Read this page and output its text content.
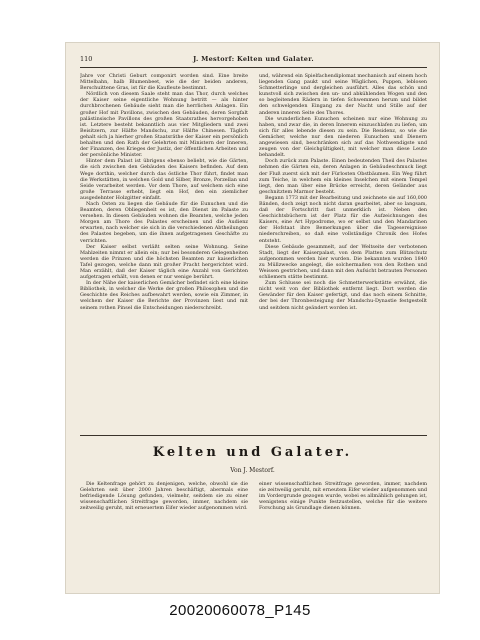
110	J. Mestorf: Kelten und Galater.

Jahre vor Christi Geburt componirt worden sind. Eine breite Mittelbahn, halb Blumenbeet, wie die der beiden anderen, Berschuittene Gras, ist für die Kaufleute bestimmt.

Nördlich von diesem Saale steht man das Thor, durch welches der Kaiser seine eigentliche Wohnung betritt — als hinter durchbrochenen Gebäude sieht man die herrlichen Anlagen. Ein großer Hof mit Pavillons, zwischen den Gebäuden, deren Sorgfalt palästinsische Pavillons des großen Staatsrathes hervorgehoben ist. Letztere besteht bekanntlich aus vier Mitgliedern und zwei Beisitzern, zur Hälfte Mandschu, zur Hälfte Chinesen. Täglich gehalt sich ja hierher großen Staatsräthe der Kaiser ein persönlich behalten und den Rath der Gelehrten mit Ministern der Inneren, der Finanzen, des Krieges der Justiz, der öffentlichen Arbeiten und der persönliche Minister.

Hinter dem Palast ist übrigens ebenso beliebt, wie die Gärten, die sich zwischen den Gebäuden des Kaisers befinden. Auf dem Wege dorthin, welcher durch das östliche Thor führt, findet man die Werkstätten, in welchen Gold und Silber, Bronze, Porzellan und Seide verarbeitet werden. Vor dem Thore, auf welchem sich eine große Terrasse erhebt, liegt ein Hof, den ein ziemlicher ausgedehnter Holzgitter einfaßt.

Nach Osten zu liegen die Gebäude für die Eunuchen und die Beamten, deren Obliegenheit es ist, den Dienst im Palaste zu versehen. In diesen Gebäuden wohnen die Beamten, welche jeden Morgen am Thore des Palastes erscheinen und die Audienz erwarten, nach welcher sie sich in die verschiedenen Abtheilungen des Palastes begeben, um die ihnen aufgetragenen Geschäfte zu verrichten.

Der Kaiser selbst verläßt selten seine Wohnung. Seine Mahlzeiten nimmt er allein ein; nur bei besonderen Gelegenheiten werden die Prinzen und die höchsten Beamten zur kaiserlichen Tafel gezogen, welche dann mit großer Pracht hergerichtet wird. Man erzählt, daß der Kaiser täglich eine Anzahl von Gerichten aufgetragen erhält, von denen er nur wenige berührt.

In der Nähe der kaiserlichen Gemächer befindet sich eine kleine Bibliothek, in welcher die Werke der großen Philosophen und die Geschichte des Reiches aufbewahrt werden, sowie ein Zimmer, in welchem der Kaiser die Berichte der Provinzen liest und mit seinem rothen Pinsel die Entscheidungen niederschreibt.

und, während ein Spielfachendiplomat mechanisch auf einem hoch liegenden Gang paukt und seine Wäglichen, Puppen, leblosen Schmetterlinge und dergleichen ausführt. Alles das schön und kunstvoll sich zwischen den un- und abkühlenden Wogen und den so begleitenden Rädern in tiefen Schwemmen herum und bildet den schwelgenden Eingang zu der Nacht und Stille auf der anderen inneren Seite des Thores.

Die wunderlichen Eunuchen scheinen nur eine Wohnung zu haben, und zwar die, in deren Innerem einzuschlafen zu liefen, um sich für alles lebende diesen zu sein. Die Residenz, so wie die Gemächer, welche nur den niederen Eunuchen und Dienern angewiesen sind, beschränken sich auf das Nothwendigste und zeugen von der Gleichgültigkeit, mit welcher man diese Leute behandelt.

Doch zurück zum Palaste. Einen bedeutenden Theil des Palastes nehmen die Gärten ein, deren Anlagen in Gebäudeschmuck liegt der Fluß zuerst sich mit der Fürlosten Obstbäumen. Ein Weg führt zum Teiche, in welchem ein kleines Inselchen mit einem Tempel liegt, den man über eine Brücke erreicht, deren Geländer aus geschnitztem Marmor besteht.

Begann 1773 mit der Bearbeitung und zeichnete sie auf 160,000 Bänden, doch zeigt noch nicht daran gearbeitet, aber so langsam, daß der Fortschritt fast unmerklich ist. Neben den Geschichtsbüchern ist der Platz für die Aufzeichnungen des Kaisers, eine Art Hypodrome, wo er selbst und den Mandarinen der Hofstaat ihre Bemerkungen über die Tagesereignisse niederschreiben, so daß eine vollständige Chronik des Hofes entsteht.

Diese Gebäude gesammelt, auf der Weltseite der verbotenen Stadt, liegt der Kaiserpalast, von dem Platten zum Blitzschutz aufgenommen werden hier wurden. Die bekannten wurden 1840 zu Müllzwecke angelegt, die solchermaßen von den Rothen und Weissen gestrichen, und dann mit den Aufsicht betrauten Personen schliemern stätte bestimmt.

Zum Schlusse sei noch die Schmetterwerkstätte erwähnt, die nicht weit von der Bibliothek entfernt liegt. Dort werden die Gewänder für den Kaiser gefertigt, und das noch einem Schnitte, der bei der Thronbesteigung der Mandschu-Dynastie festgestellt und seitdem nicht geändert worden ist.

Kelten und Galater.
Von J. Mestorf.

Die Keltenfrage gehört zu denjenigen, welche, obwohl sie die Gelehrten seit über 2000 Jahren beschäftigt, abermals eine befriedigende Lösung gefunden, vielmehr, seitdem sie zu einer wissenschaftlichen Streitfrage geworden, immer, nachdem sie zeitweilig geruht, mit erneuertem Eifer wieder aufgenommen wird.

einer wissenschaftlichen Streitfrage geworden, immer, nachdem sie zeitweilig geruht, mit erneutem Eifer wieder aufgenommen und im Vordergrunde gezogen wurde, wobei es allmählich gelungen ist, wenigstens einige Punkte festzustellen, welche für die weitere Forschung als Grundlage dienen können.

20020060078_P145
